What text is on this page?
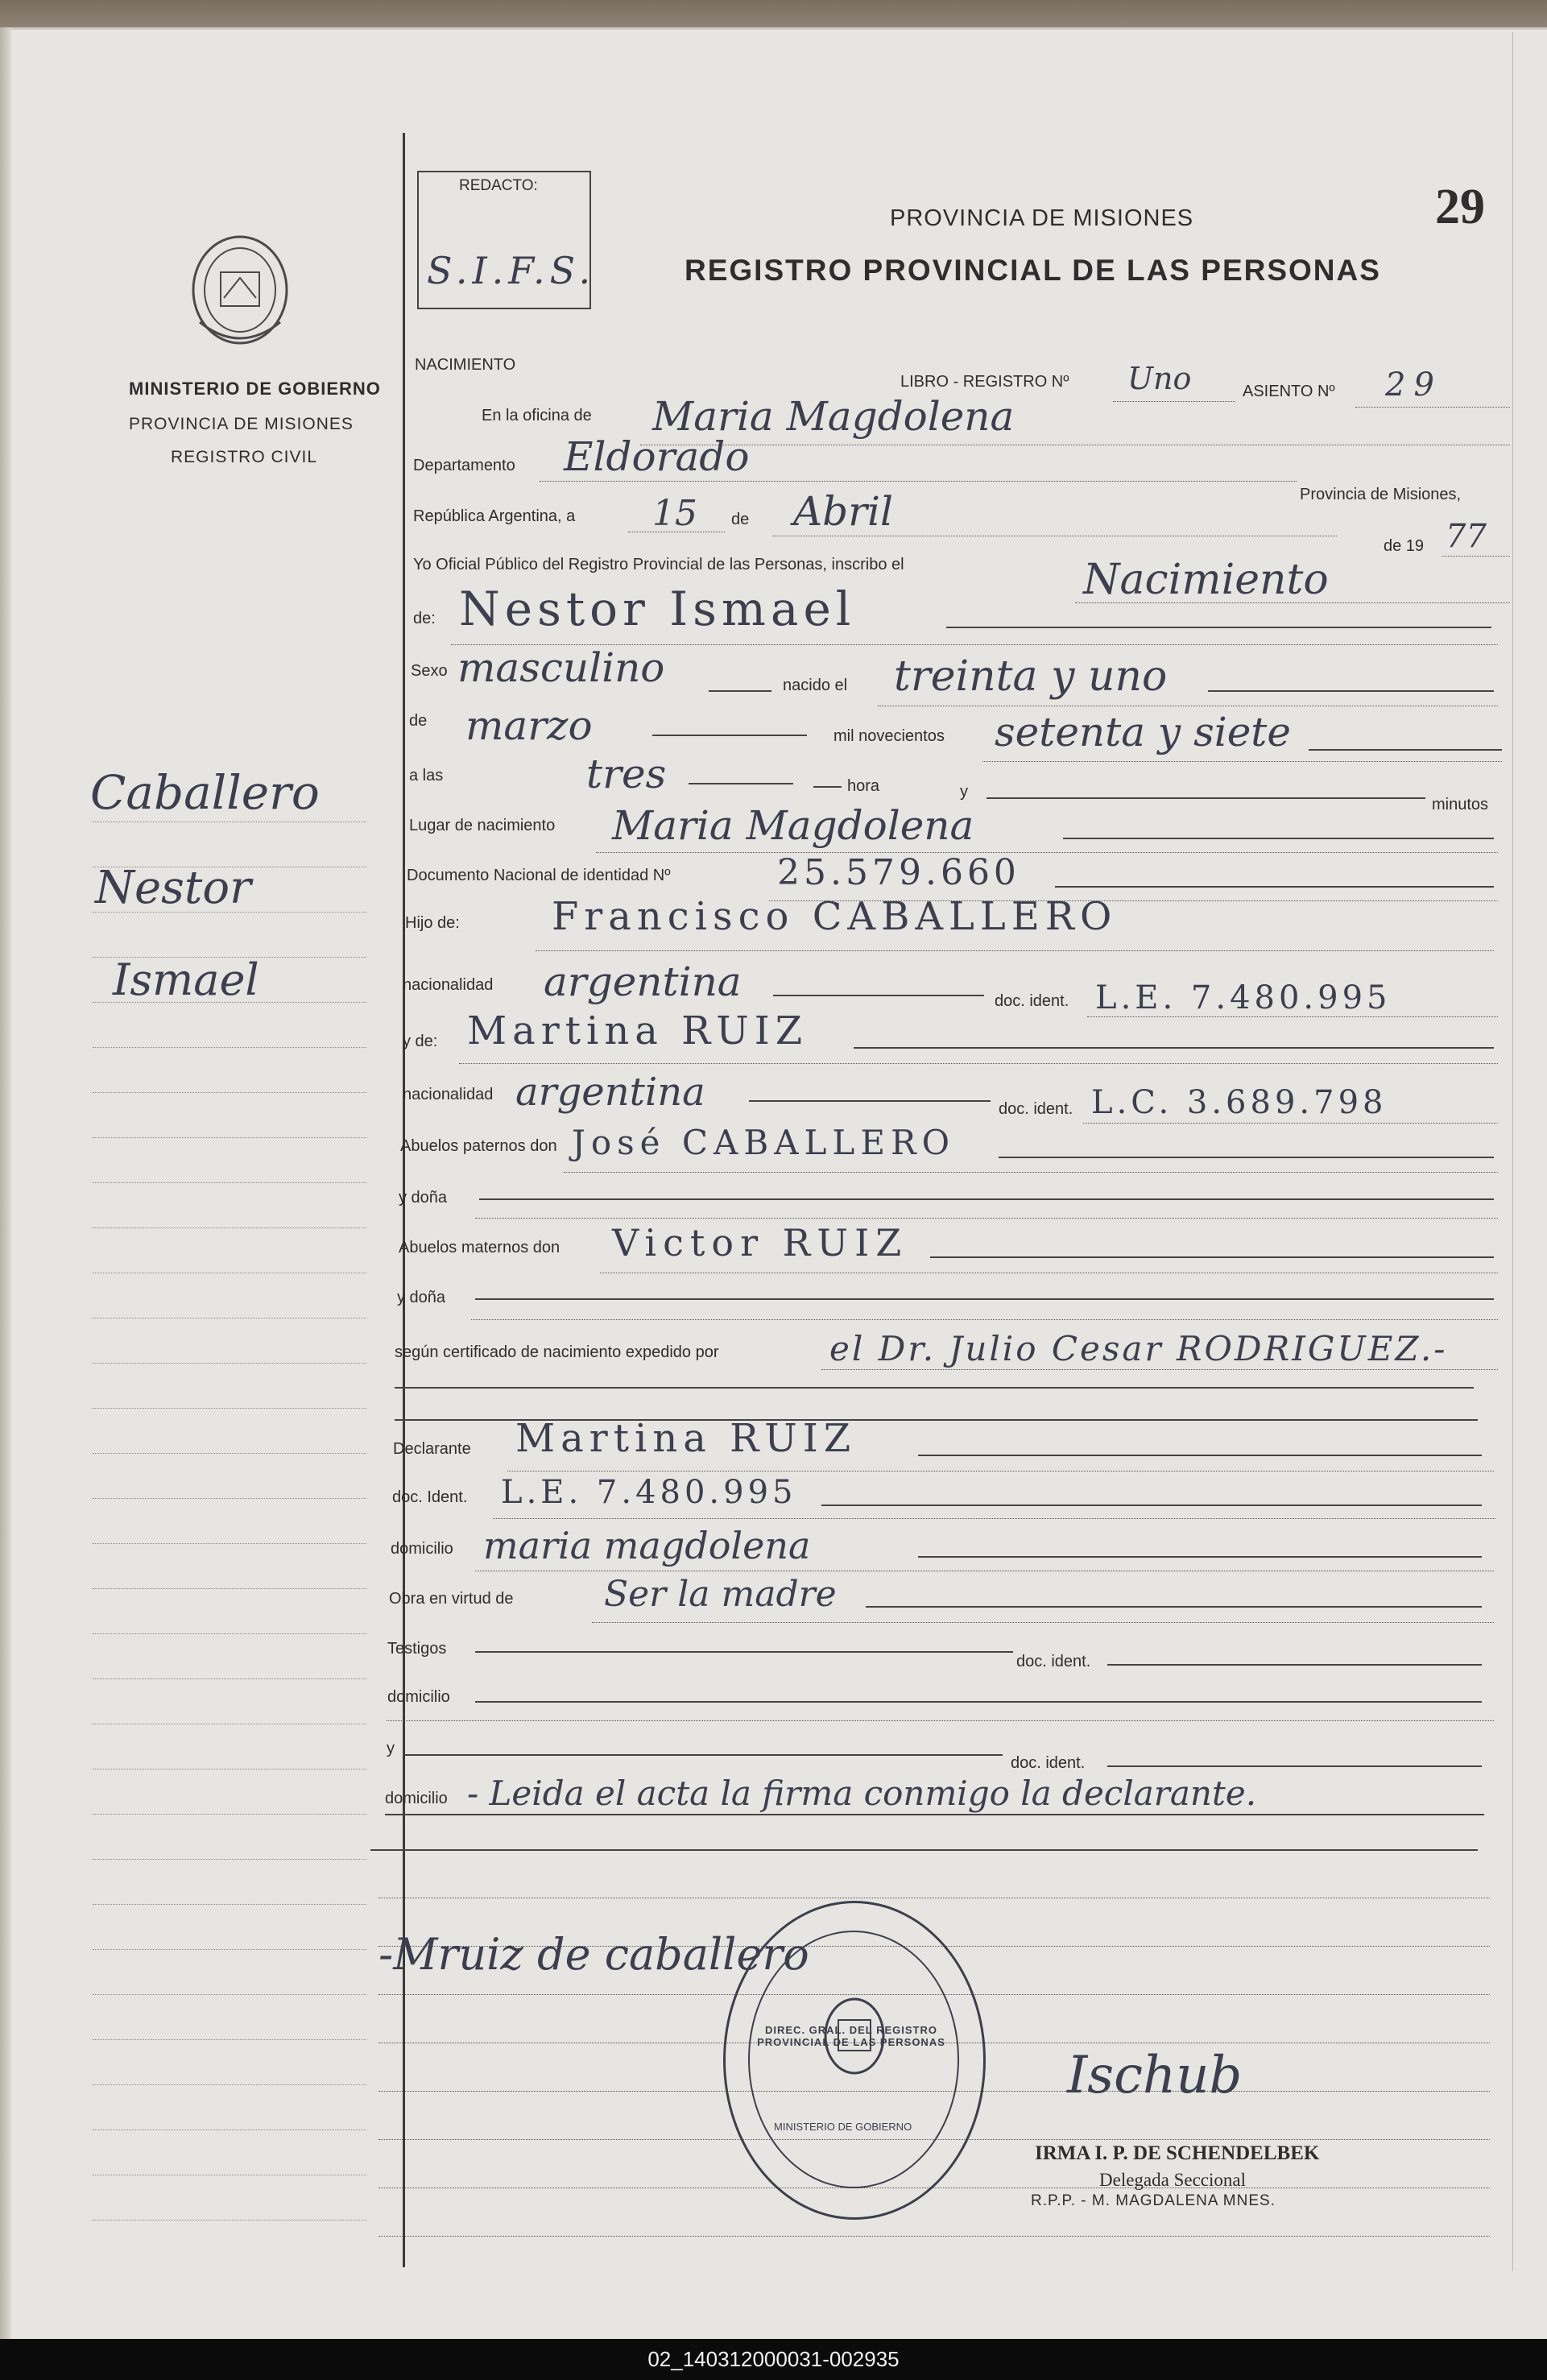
MINISTERIO DE GOBIERNO
PROVINCIA DE MISIONES
REGISTRO CIVIL
Caballero
Nestor
Ismael
REDACTO:
S.I.F.S.
PROVINCIA DE MISIONES	29
REGISTRO PROVINCIAL DE LAS PERSONAS
NACIMIENTO
LIBRO - REGISTRO Nº Uno	ASIENTO Nº 29
En la oficina de Maria Magdolena
Departamento Eldorado
Provincia de Misiones,
República Argentina, a 15 de Abril
de 19 77
Yo Oficial Público del Registro Provincial de las Personas, inscribo el	Nacimiento
de: Nestor Ismael
Sexo masculino	nacido el treinta y uno
de marzo	mil novecientos setenta y siete
a las	tres	hora	y
minutos
Lugar de nacimiento Maria Magdolena
Documento Nacional de identidad Nº	25.579.660
Hijo de: Francisco CABALLERO
nacionalidad argentina	doc. ident. L.E. 7.480.995
y de: Martina RUIZ
nacionalidad argentina	doc. ident. L.C. 3.689.798
Abuelos paternos don José CABALLERO
y doña
Abuelos maternos don Victor RUIZ
y doña
según certificado de nacimiento expedido por	el Dr. Julio Cesar RODRIGUEZ.-
Declarante Martina RUIZ
doc. Ident. L.E. 7.480.995
domicilio maria magdolena
Obra en virtud de	Ser la madre
Testigos
doc. ident.
domicilio
y
doc. ident.
domicilio - Leida el acta la firma conmigo la declarante.
-Mruiz de caballero
DIREC. GRAL. DEL REGISTRO PROVINCIAL DE LAS PERSONAS
MINISTERIO DE GOBIERNO
Ischub
IRMA I. P. DE SCHENDELBEK
Delegada Seccional
R.P.P. - M. MAGDALENA MNES.
02_140312000031-002935
